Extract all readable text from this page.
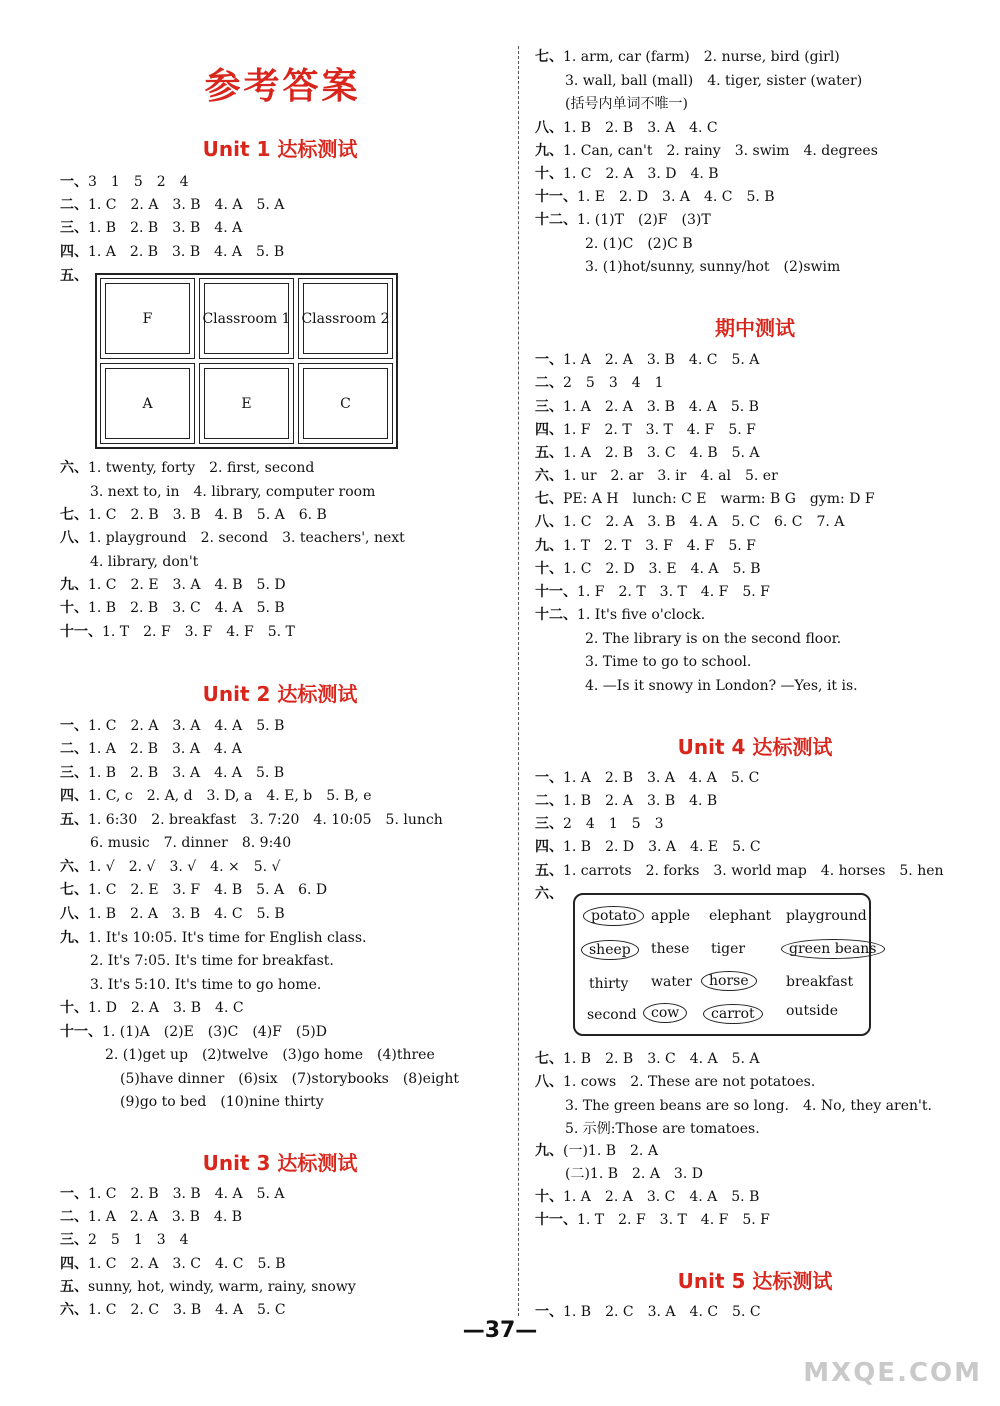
参考答案
Unit 1 达标测试
一、3　1　5　2　4
二、1. C　2. A　3. B　4. A　5. A
三、1. B　2. B　3. B　4. A
四、1. A　2. B　3. B　4. A　5. B
五、
F	Classroom 1 Classroom 2
A	E	C
六、1. twenty, forty　2. first, second
3. next to, in　4. library, computer room
七、1. C　2. B　3. B　4. B　5. A　6. B
八、1. playground　2. second　3. teachers', next
4. library, don't
九、1. C　2. E　3. A　4. B　5. D
十、1. B　2. B　3. C　4. A　5. B
十一、1. T　2. F　3. F　4. F　5. T
Unit 2 达标测试
一、1. C　2. A　3. A　4. A　5. B
二、1. A　2. B　3. A　4. A
三、1. B　2. B　3. A　4. A　5. B
四、1. C, c　2. A, d　3. D, a　4. E, b　5. B, e
五、1. 6:30　2. breakfast　3. 7:20　4. 10:05　5. lunch
6. music　7. dinner　8. 9:40
六、1. √　2. √　3. √　4. ×　5. √
七、1. C　2. E　3. F　4. B　5. A　6. D
八、1. B　2. A　3. B　4. C　5. B
九、1. It's 10:05. It's time for English class.
2. It's 7:05. It's time for breakfast.
3. It's 5:10. It's time to go home.
十、1. D　2. A　3. B　4. C
十一、1. (1)A　(2)E　(3)C　(4)F　(5)D
2. (1)get up　(2)twelve　(3)go home　(4)three
(5)have dinner　(6)six　(7)storybooks　(8)eight
(9)go to bed　(10)nine thirty
Unit 3 达标测试
一、1. C　2. B　3. B　4. A　5. A
二、1. A　2. A　3. B　4. B
三、2　5　1　3　4
四、1. C　2. A　3. C　4. C　5. B
五、sunny, hot, windy, warm, rainy, snowy
六、1. C　2. C　3. B　4. A　5. C
七、1. arm, car (farm)　2. nurse, bird (girl)
3. wall, ball (mall)　4. tiger, sister (water)
(括号内单词不唯一)
八、1. B　2. B　3. A　4. C
九、1. Can, can't　2. rainy　3. swim　4. degrees
十、1. C　2. A　3. D　4. B
十一、1. E　2. D　3. A　4. C　5. B
十二、1. (1)T　(2)F　(3)T
2. (1)C　(2)C B
3. (1)hot/sunny, sunny/hot　(2)swim
期中测试
一、1. A　2. A　3. B　4. C　5. A
二、2　5　3　4　1
三、1. A　2. A　3. B　4. A　5. B
四、1. F　2. T　3. T　4. F　5. F
五、1. A　2. B　3. C　4. B　5. A
六、1. ur　2. ar　3. ir　4. al　5. er
七、PE: A H　lunch: C E　warm: B G　gym: D F
八、1. C　2. A　3. B　4. A　5. C　6. C　7. A
九、1. T　2. T　3. F　4. F　5. F
十、1. C　2. D　3. E　4. A　5. B
十一、1. F　2. T　3. T　4. F　5. F
十二、1. It's five o'clock.
2. The library is on the second floor.
3. Time to go to school.
4. —Is it snowy in London? —Yes, it is.
Unit 4 达标测试
一、1. A　2. B　3. A　4. A　5. C
二、1. B　2. A　3. B　4. B
三、2　4　1　5　3
四、1. B　2. D　3. A　4. E　5. C
五、1. carrots　2. forks　3. world map　4. horses　5. hen
六、
potato	apple elephant playground
sheep	these tiger	green beans
thirty water	horse	breakfast
second	cow	carrot	outside
七、1. B　2. B　3. C　4. A　5. A
八、1. cows　2. These are not potatoes.
3. The green beans are so long.　4. No, they aren't.
5. 示例:Those are tomatoes.
九、(一)1. B　2. A
(二)1. B　2. A　3. D
十、1. A　2. A　3. C　4. A　5. B
十一、1. T　2. F　3. T　4. F　5. F
Unit 5 达标测试
一、1. B　2. C　3. A　4. C　5. C
—37—
MXQE.COM
